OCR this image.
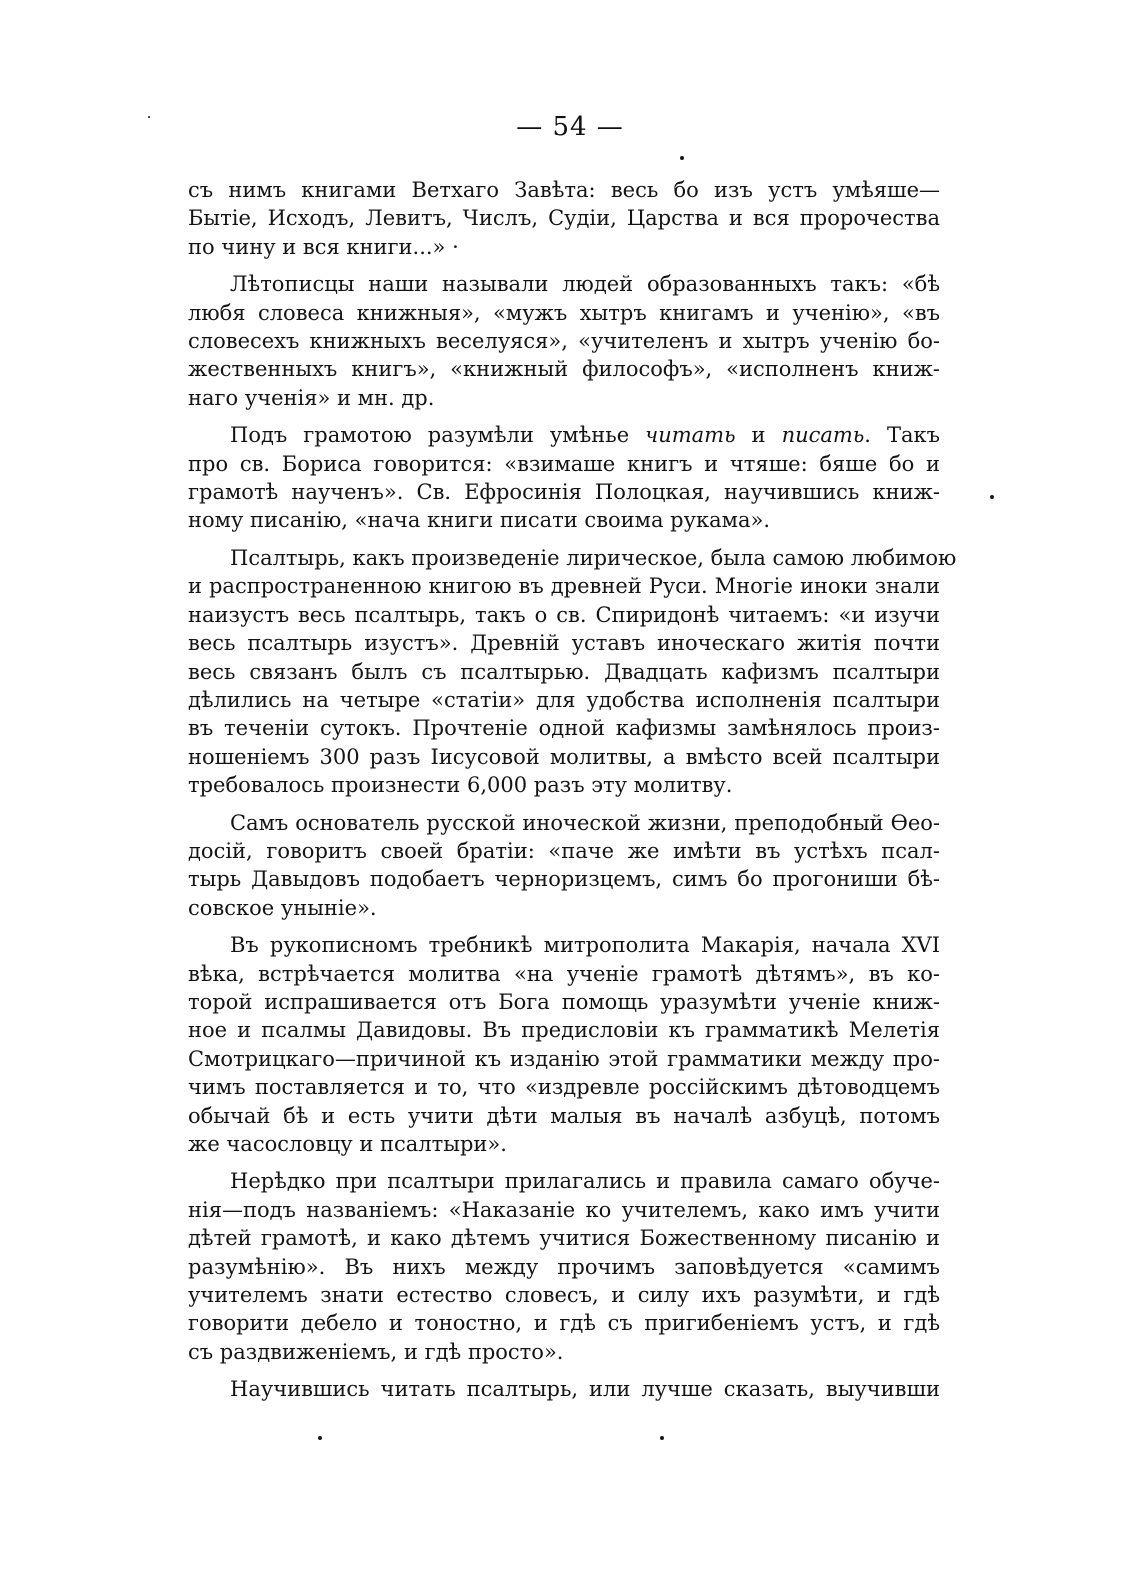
— 54 —
съ нимъ книгами Ветхаго Завѣта: весь бо изъ устъ умѣяше—
Бытіе, Исходъ, Левитъ, Числъ, Судіи, Царства и вся пророчества
по чину и вся книги...» ·
Лѣтописцы наши называли людей образованныхъ такъ: «бѣ
любя словеса книжныя», «мужъ хытръ книгамъ и ученію», «въ
словесехъ книжныхъ веселуяся», «учителенъ и хытръ ученію бо-
жественныхъ книгъ», «книжный философъ», «исполненъ книж-
наго ученія» и мн. др.
Подъ грамотою разумѣли умѣнье читать и писать. Такъ
про св. Бориса говорится: «взимаше книгъ и чтяше: бяше бо и
грамотѣ наученъ». Св. Ефросинія Полоцкая, научившись книж-
ному писанію, «нача книги писати своима рукама».
Псалтырь, какъ произведеніе лирическое, была самою любимою
и распространенною книгою въ древней Руси. Многіе иноки знали
наизустъ весь псалтырь, такъ о св. Спиридонѣ читаемъ: «и изучи
весь псалтырь изустъ». Древній уставъ иноческаго житія почти
весь связанъ былъ съ псалтырью. Двадцать кафизмъ псалтыри
дѣлились на четыре «статіи» для удобства исполненія псалтыри
въ теченіи сутокъ. Прочтеніе одной кафизмы замѣнялось произ-
ношеніемъ 300 разъ Іисусовой молитвы, а вмѣсто всей псалтыри
требовалось произнести 6,000 разъ эту молитву.
Самъ основатель русской иноческой жизни, преподобный Ѳео-
досій, говоритъ своей братіи: «паче же имѣти въ устѣхъ псал-
тырь Давыдовъ подобаетъ черноризцемъ, симъ бо прогониши бѣ-
совское уныніе».
Въ рукописномъ требникѣ митрополита Макарія, начала XVI
вѣка, встрѣчается молитва «на ученіе грамотѣ дѣтямъ», въ ко-
торой испрашивается отъ Бога помощь уразумѣти ученіе книж-
ное и псалмы Давидовы. Въ предисловіи къ грамматикѣ Мелетія
Смотрицкаго—причиной къ изданію этой грамматики между про-
чимъ поставляется и то, что «издревле россійскимъ дѣтоводцемъ
обычай бѣ и есть учити дѣти малыя въ началѣ азбуцѣ, потомъ
же часословцу и псалтыри».
Нерѣдко при псалтыри прилагались и правила самаго обуче-
нія—подъ названіемъ: «Наказаніе ко учителемъ, како имъ учити
дѣтей грамотѣ, и како дѣтемъ учитися Божественному писанію и
разумѣнію». Въ нихъ между прочимъ заповѣдуется «самимъ
учителемъ знати естество словесъ, и силу ихъ разумѣти, и гдѣ
говорити дебело и тоностно, и гдѣ съ пригибеніемъ устъ, и гдѣ
съ раздвиженіемъ, и гдѣ просто».
Научившись читать псалтырь, или лучше сказать, выучивши
